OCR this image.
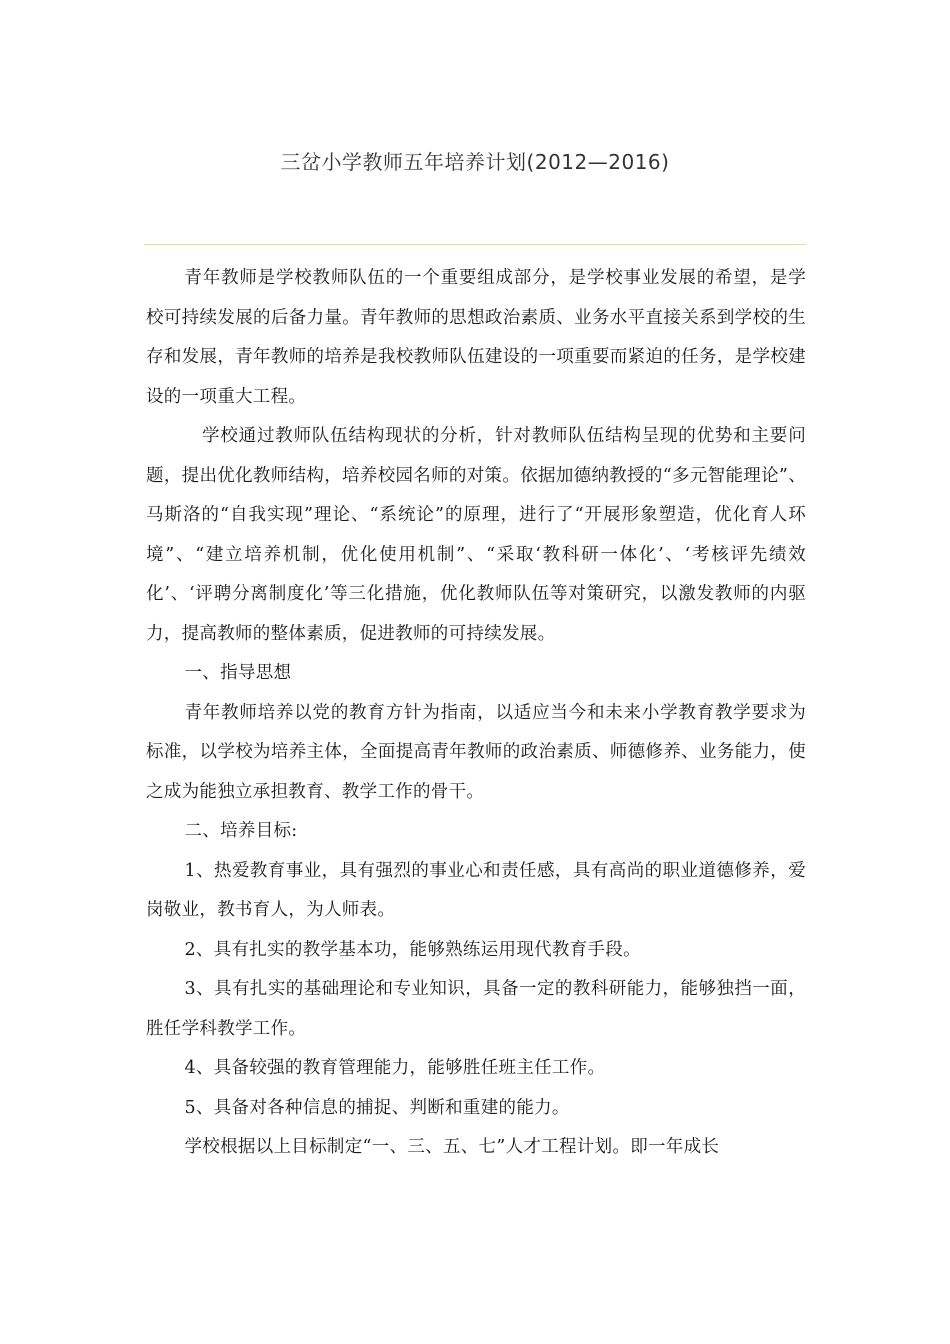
三岔小学教师五年培养计划(2012—2016)

青年教师是学校教师队伍的一个重要组成部分，是学校事业发展的希望，是学校可持续发展的后备力量。青年教师的思想政治素质、业务水平直接关系到学校的生存和发展，青年教师的培养是我校教师队伍建设的一项重要而紧迫的任务，是学校建设的一项重大工程。

学校通过教师队伍结构现状的分析，针对教师队伍结构呈现的优势和主要问题，提出优化教师结构，培养校园名师的对策。依据加德纳教授的“多元智能理论”、马斯洛的“自我实现”理论、“系统论”的原理，进行了“开展形象塑造，优化育人环境”、“建立培养机制，优化使用机制”、“采取‘教科研一体化’、‘考核评先绩效化’、‘评聘分离制度化’等三化措施，优化教师队伍等对策研究，以激发教师的内驱力，提高教师的整体素质，促进教师的可持续发展。

一、指导思想

青年教师培养以党的教育方针为指南，以适应当今和未来小学教育教学要求为标准，以学校为培养主体，全面提高青年教师的政治素质、师德修养、业务能力，使之成为能独立承担教育、教学工作的骨干。

二、培养目标:

1、热爱教育事业，具有强烈的事业心和责任感，具有高尚的职业道德修养，爱岗敬业，教书育人，为人师表。

2、具有扎实的教学基本功，能够熟练运用现代教育手段。

3、具有扎实的基础理论和专业知识，具备一定的教科研能力，能够独挡一面，胜任学科教学工作。

4、具备较强的教育管理能力，能够胜任班主任工作。

5、具备对各种信息的捕捉、判断和重建的能力。

学校根据以上目标制定“一、三、五、七”人才工程计划。即一年成长
